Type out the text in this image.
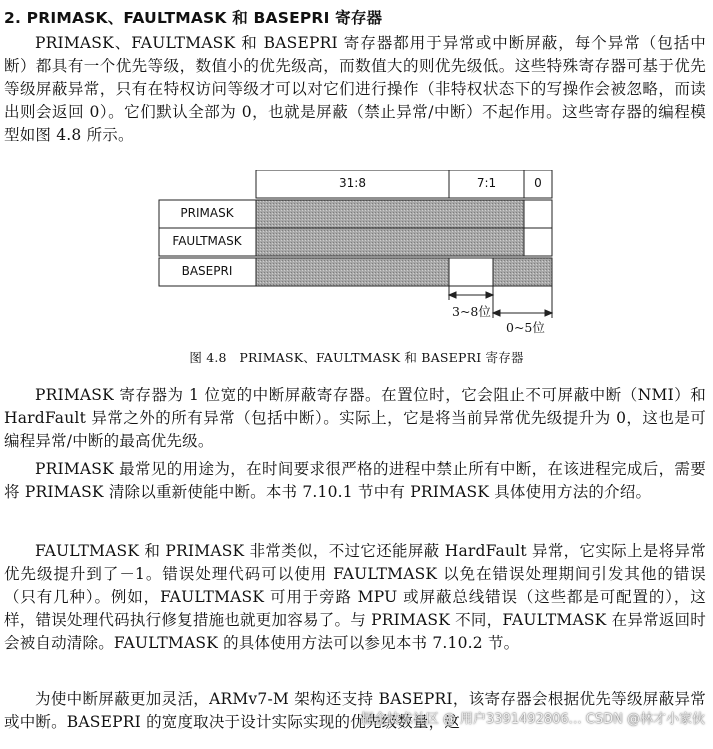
2. PRIMASK、FAULTMASK 和 BASEPRI 寄存器

PRIMASK、FAULTMASK 和 BASEPRI 寄存器都用于异常或中断屏蔽，每个异常（包括中断）都具有一个优先等级，数值小的优先级高，而数值大的则优先级低。这些特殊寄存器可基于优先等级屏蔽异常，只有在特权访问等级才可以对它们进行操作（非特权状态下的写操作会被忽略，而读出则会返回 0）。它们默认全部为 0，也就是屏蔽（禁止异常/中断）不起作用。这些寄存器的编程模型如图 4.8 所示。

31:8	7:1	0
PRIMASK
FAULTMASK
BASEPRI
3~8位
0~5位
图 4.8　PRIMASK、FAULTMASK 和 BASEPRI 寄存器

PRIMASK 寄存器为 1 位宽的中断屏蔽寄存器。在置位时，它会阻止不可屏蔽中断（NMI）和 HardFault 异常之外的所有异常（包括中断）。实际上，它是将当前异常优先级提升为 0，这也是可编程异常/中断的最高优先级。

PRIMASK 最常见的用途为，在时间要求很严格的进程中禁止所有中断，在该进程完成后，需要将 PRIMASK 清除以重新使能中断。本书 7.10.1 节中有 PRIMASK 具体使用方法的介绍。

FAULTMASK 和 PRIMASK 非常类似，不过它还能屏蔽 HardFault 异常，它实际上是将异常优先级提升到了－1。错误处理代码可以使用 FAULTMASK 以免在错误处理期间引发其他的错误（只有几种）。例如，FAULTMASK 可用于旁路 MPU 或屏蔽总线错误（这些都是可配置的），这样，错误处理代码执行修复措施也就更加容易了。与 PRIMASK 不同，FAULTMASK 在异常返回时会被自动清除。FAULTMASK 的具体使用方法可以参见本书 7.10.2 节。

为使中断屏蔽更加灵活，ARMv7-M 架构还支持 BASEPRI，该寄存器会根据优先等级屏蔽异常或中断。BASEPRI 的宽度取决于设计实际实现的优先级数量，这

掘金技术社区 @ 用户3391492806… CSDN @林才小家伙
